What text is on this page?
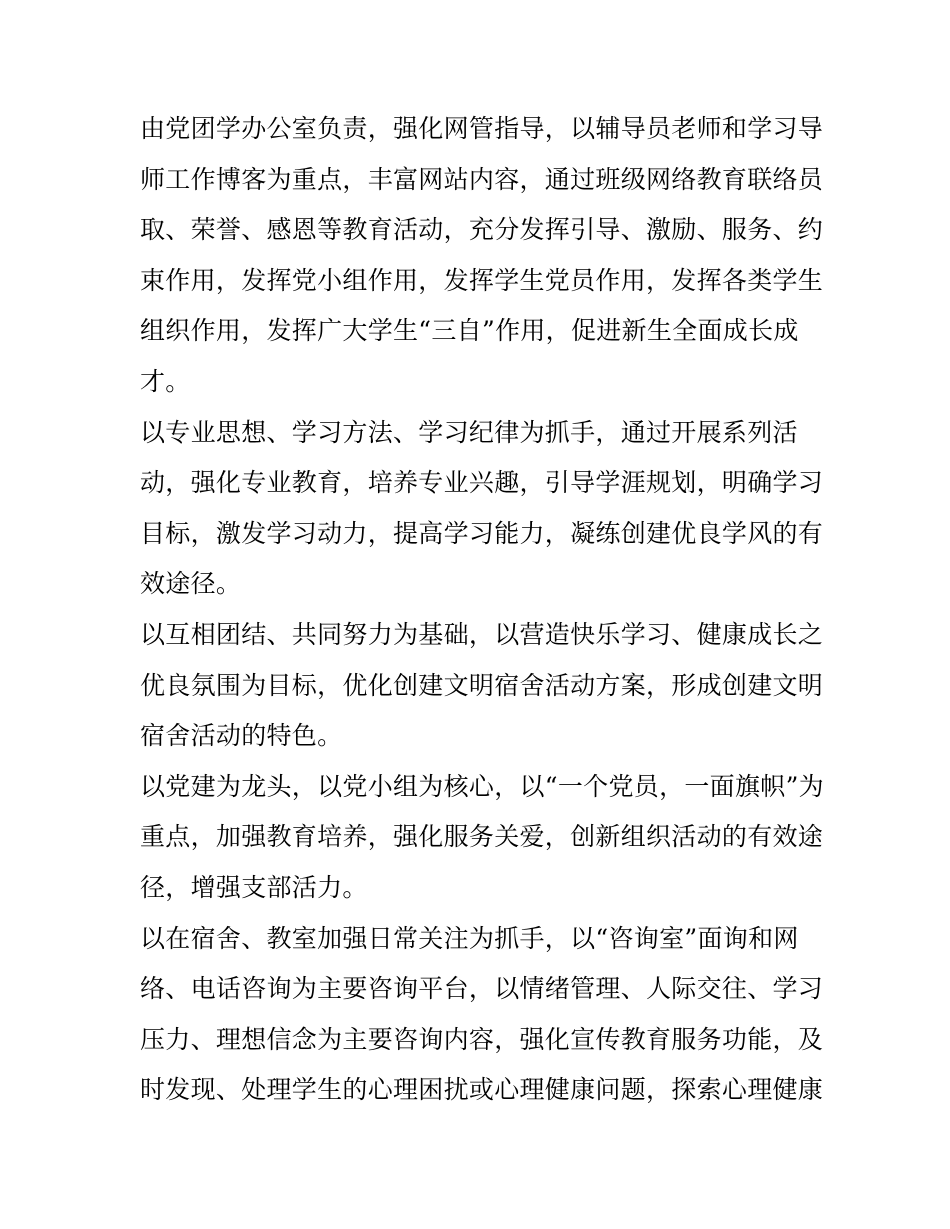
由党团学办公室负责，强化网管指导，以辅导员老师和学习导
师工作博客为重点，丰富网站内容，通过班级网络教育联络员
取、荣誉、感恩等教育活动，充分发挥引导、激励、服务、约
束作用，发挥党小组作用，发挥学生党员作用，发挥各类学生
组织作用，发挥广大学生“三自”作用，促进新生全面成长成
才。
以专业思想、学习方法、学习纪律为抓手，通过开展系列活
动，强化专业教育，培养专业兴趣，引导学涯规划，明确学习
目标，激发学习动力，提高学习能力，凝练创建优良学风的有
效途径。
以互相团结、共同努力为基础，以营造快乐学习、健康成长之
优良氛围为目标，优化创建文明宿舍活动方案，形成创建文明
宿舍活动的特色。
以党建为龙头，以党小组为核心，以“一个党员，一面旗帜”为
重点，加强教育培养，强化服务关爱，创新组织活动的有效途
径，增强支部活力。
以在宿舍、教室加强日常关注为抓手，以“咨询室”面询和网
络、电话咨询为主要咨询平台，以情绪管理、人际交往、学习
压力、理想信念为主要咨询内容，强化宣传教育服务功能，及
时发现、处理学生的心理困扰或心理健康问题，探索心理健康
